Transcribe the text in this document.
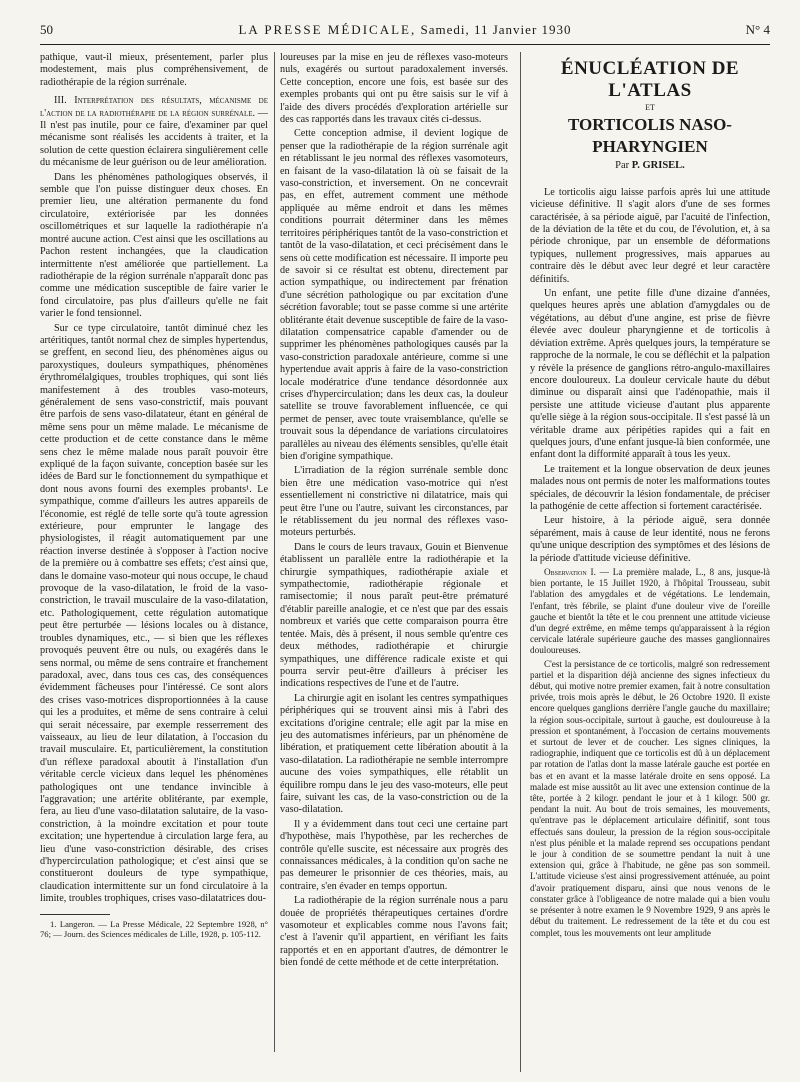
50	LA PRESSE MÉDICALE, Samedi, 11 Janvier 1930	N° 4

pathique, vaut-il mieux, présentement, parler plus modestement, mais plus compréhensivement, de radiothérapie de la région surrénale.

III. Interprétation des résultats, mécanisme de l'action de la radiothérapie de la région surrénale. — Il n'est pas inutile, pour ce faire, d'examiner par quel mécanisme sont réalisés les accidents à traiter, et la solution de cette question éclairera singulièrement celle du mécanisme de leur guérison ou de leur amélioration.

Dans les phénomènes pathologiques observés, il semble que l'on puisse distinguer deux choses. En premier lieu, une altération permanente du fond circulatoire, extériorisée par les données oscillométriques et sur laquelle la radiothérapie n'a montré aucune action. C'est ainsi que les oscillations au Pachon restent inchangées, que la claudication intermittente n'est améliorée que partiellement. La radiothérapie de la région surrénale n'apparaît donc pas comme une médication susceptible de faire varier le fond circulatoire, pas plus d'ailleurs qu'elle ne fait varier le fond tensionnel.

Sur ce type circulatoire, tantôt diminué chez les artéritiques, tantôt normal chez de simples hypertendus, se greffent, en second lieu, des phénomènes aigus ou paroxystiques, douleurs sympathiques, phénomènes érythromélalgiques, troubles trophiques, qui sont liés manifestement à des troubles vaso-moteurs, généralement de sens vaso-constrictif, mais pouvant être parfois de sens vaso-dilatateur, étant en général de même sens pour un même malade. Le mécanisme de cette production et de cette constance dans le même sens chez le même malade nous paraît pouvoir être expliqué de la façon suivante, conception basée sur les idées de Bard sur le fonctionnement du sympathique et dont nous avons fourni des exemples probants¹. Le sympathique, comme d'ailleurs les autres appareils de l'économie, est réglé de telle sorte qu'à toute agression extérieure, pour emprunter le langage des physiologistes, il réagit automatiquement par une réaction inverse destinée à s'opposer à l'action nocive de la première ou à combattre ses effets; c'est ainsi que, dans le domaine vaso-moteur qui nous occupe, le chaud provoque de la vaso-dilatation, le froid de la vaso-constriction, le travail musculaire de la vaso-dilatation, etc. Pathologiquement, cette régulation automatique peut être perturbée — lésions locales ou à distance, troubles dynamiques, etc., — si bien que les réflexes provoqués peuvent être ou nuls, ou exagérés dans le sens normal, ou même de sens contraire et franchement paradoxal, avec, dans tous ces cas, des conséquences évidemment fâcheuses pour l'intéressé. Ce sont alors des crises vaso-motrices disproportionnées à la cause qui les a produites, et même de sens contraire à celui qui serait nécessaire, par exemple resserrement des vaisseaux, au lieu de leur dilatation, à l'occasion du travail musculaire. Et, particulièrement, la constitution d'un réflexe paradoxal aboutit à l'installation d'un véritable cercle vicieux dans lequel les phénomènes pathologiques ont une tendance invincible à l'aggravation; une artérite oblitérante, par exemple, fera, au lieu d'une vaso-dilatation salutaire, de la vaso-constriction, à la moindre excitation et pour toute excitation; une hypertendue à circulation large fera, au lieu d'une vaso-constriction désirable, des crises d'hypercirculation pathologique; et c'est ainsi que se constitueront douleurs de type sympathique, claudication intermittente sur un fond circulatoire à la limite, troubles trophiques, crises vaso-dilatatrices dou-

1. Langeron. — La Presse Médicale, 22 Septembre 1928, n° 76; — Journ. des Sciences médicales de Lille, 1928, p. 105-112.

loureuses par la mise en jeu de réflexes vaso-moteurs nuls, exagérés ou surtout paradoxalement inversés. Cette conception, encore une fois, est basée sur des exemples probants qui ont pu être saisis sur le vif à l'aide des divers procédés d'exploration artérielle sur des cas rapportés dans les travaux cités ci-dessus.

Cette conception admise, il devient logique de penser que la radiothérapie de la région surrénale agit en rétablissant le jeu normal des réflexes vasomoteurs, en faisant de la vaso-dilatation là où se faisait de la vaso-constriction, et inversement. On ne concevrait pas, en effet, autrement comment une méthode appliquée au même endroit et dans les mêmes conditions pourrait déterminer dans les mêmes territoires périphériques tantôt de la vaso-constriction et tantôt de la vaso-dilatation, et ceci précisément dans le sens où cette modification est nécessaire. Il importe peu de savoir si ce résultat est obtenu, directement par action sympathique, ou indirectement par frénation d'une sécrétion pathologique ou par excitation d'une sécrétion favorable; tout se passe comme si une artérite oblitérante était devenue susceptible de faire de la vaso-dilatation compensatrice capable d'amender ou de supprimer les phénomènes pathologiques causés par la vaso-constriction paradoxale antérieure, comme si une hypertendue avait appris à faire de la vaso-constriction locale modératrice d'une tendance désordonnée aux crises d'hypercirculation; dans les deux cas, la douleur satellite se trouve favorablement influencée, ce qui permet de penser, avec toute vraisemblance, qu'elle se trouvait sous la dépendance de variations circulatoires parallèles au niveau des éléments sensibles, qu'elle était bien d'origine sympathique.

L'irradiation de la région surrénale semble donc bien être une médication vaso-motrice qui n'est essentiellement ni constrictive ni dilatatrice, mais qui peut être l'une ou l'autre, suivant les circonstances, par le rétablissement du jeu normal des réflexes vaso-moteurs perturbés.

Dans le cours de leurs travaux, Gouin et Bienvenue établissent un parallèle entre la radiothérapie et la chirurgie sympathiques, radiothérapie axiale et sympathectomie, radiothérapie régionale et ramisectomie; il nous paraît peut-être prématuré d'établir pareille analogie, et ce n'est que par des essais nombreux et variés que cette comparaison pourra être tentée. Mais, dès à présent, il nous semble qu'entre ces deux méthodes, radiothérapie et chirurgie sympathiques, une différence radicale existe et qui pourra servir peut-être d'ailleurs à préciser les indications respectives de l'une et de l'autre.

La chirurgie agit en isolant les centres sympathiques périphériques qui se trouvent ainsi mis à l'abri des excitations d'origine centrale; elle agit par la mise en jeu des automatismes inférieurs, par un phénomène de libération, et pratiquement cette libération aboutit à la vaso-dilatation. La radiothérapie ne semble interrompre aucune des voies sympathiques, elle rétablit un équilibre rompu dans le jeu des vaso-moteurs, elle peut faire, suivant les cas, de la vaso-constriction ou de la vaso-dilatation.

Il y a évidemment dans tout ceci une certaine part d'hypothèse, mais l'hypothèse, par les recherches de contrôle qu'elle suscite, est nécessaire aux progrès des connaissances médicales, à la condition qu'on sache ne pas demeurer le prisonnier de ces théories, mais, au contraire, s'en évader en temps opportun.

La radiothérapie de la région surrénale nous a paru douée de propriétés thérapeutiques certaines d'ordre vasomoteur et explicables comme nous l'avons fait; c'est à l'avenir qu'il appartient, en vérifiant les faits rapportés et en en apportant d'autres, de démontrer le bien fondé de cette méthode et de cette interprétation.

ÉNUCLÉATION DE L'ATLAS

ET

TORTICOLIS NASO-PHARYNGIEN

Par P. GRISEL.

Le torticolis aigu laisse parfois après lui une attitude vicieuse définitive. Il s'agit alors d'une de ses formes caractérisée, à sa période aiguë, par l'acuité de l'infection, de la déviation de la tête et du cou, de l'évolution, et, à sa période chronique, par un ensemble de déformations typiques, nullement progressives, mais apparues au contraire dès le début avec leur degré et leur caractère définitifs.

Un enfant, une petite fille d'une dizaine d'années, quelques heures après une ablation d'amygdales ou de végétations, au début d'une angine, est prise de fièvre élevée avec douleur pharyngienne et de torticolis à déviation extrême. Après quelques jours, la température se rapproche de la normale, le cou se défléchit et la palpation y révèle la présence de ganglions rétro-angulo-maxillaires encore douloureux. La douleur cervicale haute du début diminue ou disparaît ainsi que l'adénopathie, mais il persiste une attitude vicieuse d'autant plus apparente qu'elle siège à la région sous-occipitale. Il s'est passé là un véritable drame aux péripéties rapides qui a fait en quelques jours, d'une enfant jusque-là bien conformée, une enfant dont la difformité apparaît à tous les yeux.

Le traitement et la longue observation de deux jeunes malades nous ont permis de noter les malformations toutes spéciales, de découvrir la lésion fondamentale, de préciser la pathogénie de cette affection si fortement caractérisée.

Leur histoire, à la période aiguë, sera donnée séparément, mais à cause de leur identité, nous ne ferons qu'une unique description des symptômes et des lésions de la période d'attitude vicieuse définitive.

Observation I. — La première malade, L., 8 ans, jusque-là bien portante, le 15 Juillet 1920, à l'hôpital Trousseau, subit l'ablation des amygdales et de végétations. Le lendemain, l'enfant, très fébrile, se plaint d'une douleur vive de l'oreille gauche et bientôt la tête et le cou prennent une attitude vicieuse d'un degré extrême, en même temps qu'apparaissent à la région cervicale latérale supérieure gauche des masses ganglionnaires douloureuses.

C'est la persistance de ce torticolis, malgré son redressement partiel et la disparition déjà ancienne des signes infectieux du début, qui motive notre premier examen, fait à notre consultation privée, trois mois après le début, le 26 Octobre 1920. Il existe encore quelques ganglions derrière l'angle gauche du maxillaire; la région sous-occipitale, surtout à gauche, est douloureuse à la pression et spontanément, à l'occasion de certains mouvements et surtout de lever et de coucher. Les signes cliniques, la radiographie, indiquent que ce torticolis est dû à un déplacement par rotation de l'atlas dont la masse latérale gauche est portée en bas et en avant et la masse latérale droite en sens opposé. La malade est mise aussitôt au lit avec une extension continue de la tête, portée à 2 kilogr. pendant le jour et à 1 kilogr. 500 gr. pendant la nuit. Au bout de trois semaines, les mouvements, qu'entrave pas le déplacement articulaire définitif, sont tous effectués sans douleur, la pression de la région sous-occipitale n'est plus pénible et la malade reprend ses occupations pendant le jour à condition de se soumettre pendant la nuit à une extension qui, grâce à l'habitude, ne gêne pas son sommeil. L'attitude vicieuse s'est ainsi progressivement atténuée, au point d'avoir pratiquement disparu, ainsi que nous venons de le constater grâce à l'obligeance de notre malade qui a bien voulu se présenter à notre examen le 9 Novembre 1929, 9 ans après le début du traitement. Le redressement de la tête et du cou est complet, tous les mouvements ont leur amplitude
